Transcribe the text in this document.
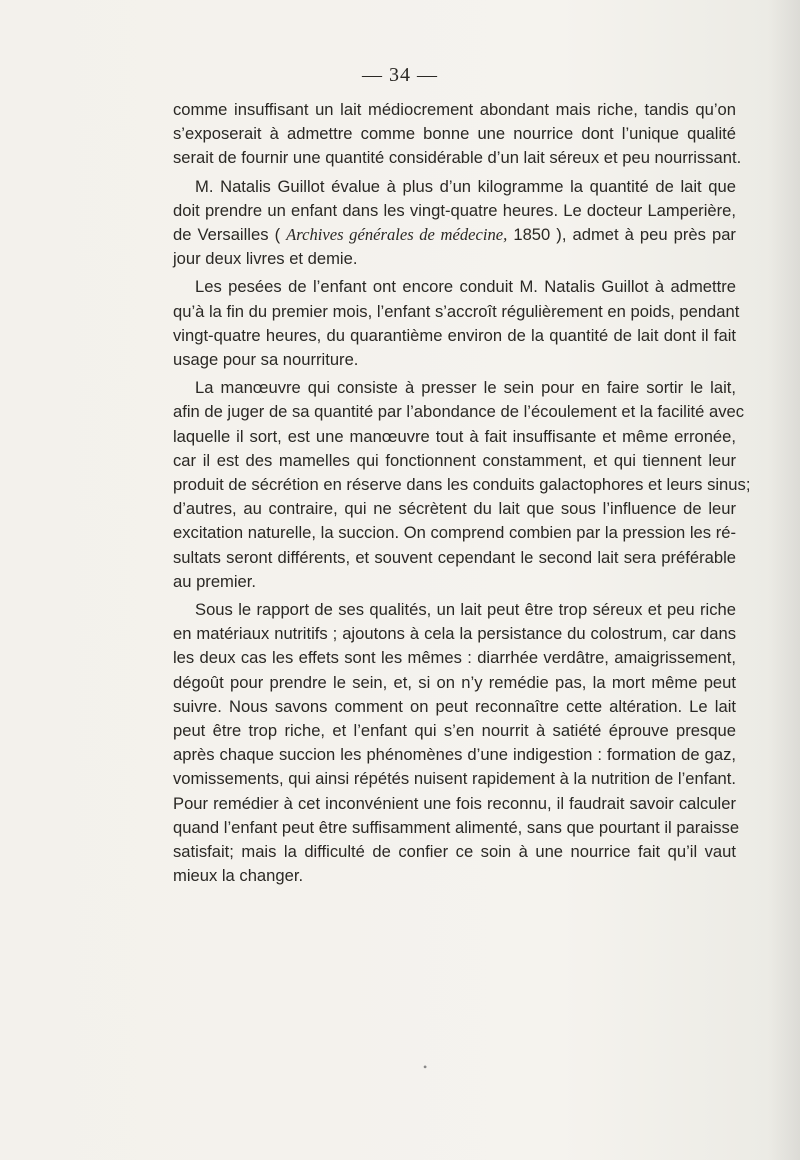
— 34 —

comme insuffisant un lait médiocrement abondant mais riche, tandis qu’on
s’exposerait à admettre comme bonne une nourrice dont l’unique qualité
serait de fournir une quantité considérable d’un lait séreux et peu nourrissant.

M. Natalis Guillot évalue à plus d’un kilogramme la quantité de lait que
doit prendre un enfant dans les vingt-quatre heures. Le docteur Lamperière,
de Versailles ( Archives générales de médecine, 1850 ), admet à peu près par
jour deux livres et demie.

Les pesées de l’enfant ont encore conduit M. Natalis Guillot à admettre
qu’à la fin du premier mois, l’enfant s’accroît régulièrement en poids, pendant
vingt-quatre heures, du quarantième environ de la quantité de lait dont il fait
usage pour sa nourriture.

La manœuvre qui consiste à presser le sein pour en faire sortir le lait,
afin de juger de sa quantité par l’abondance de l’écoulement et la facilité avec
laquelle il sort, est une manœuvre tout à fait insuffisante et même erronée,
car il est des mamelles qui fonctionnent constamment, et qui tiennent leur
produit de sécrétion en réserve dans les conduits galactophores et leurs sinus;
d’autres, au contraire, qui ne sécrètent du lait que sous l’influence de leur
excitation naturelle, la succion. On comprend combien par la pression les ré-
sultats seront différents, et souvent cependant le second lait sera préférable
au premier.

Sous le rapport de ses qualités, un lait peut être trop séreux et peu riche
en matériaux nutritifs ; ajoutons à cela la persistance du colostrum, car dans
les deux cas les effets sont les mêmes : diarrhée verdâtre, amaigrissement,
dégoût pour prendre le sein, et, si on n’y remédie pas, la mort même peut
suivre. Nous savons comment on peut reconnaître cette altération. Le lait
peut être trop riche, et l’enfant qui s’en nourrit à satiété éprouve presque
après chaque succion les phénomènes d’une indigestion : formation de gaz,
vomissements, qui ainsi répétés nuisent rapidement à la nutrition de l’enfant.
Pour remédier à cet inconvénient une fois reconnu, il faudrait savoir calculer
quand l’enfant peut être suffisamment alimenté, sans que pourtant il paraisse
satisfait; mais la difficulté de confier ce soin à une nourrice fait qu’il vaut
mieux la changer.

•
